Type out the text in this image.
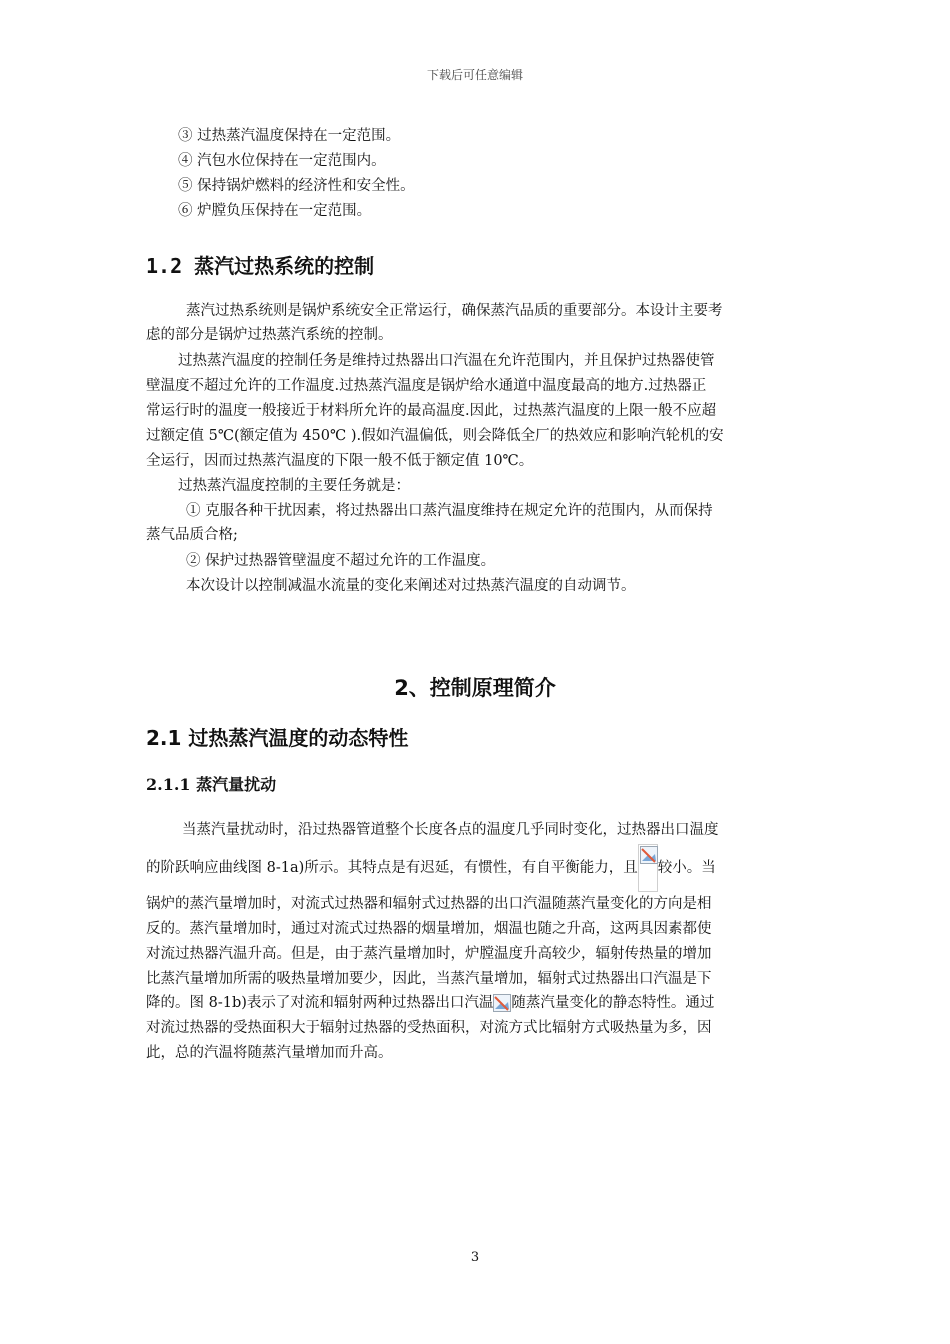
下载后可任意编辑
③ 过热蒸汽温度保持在一定范围。
④ 汽包水位保持在一定范围内。
⑤ 保持锅炉燃料的经济性和安全性。
⑥ 炉膛负压保持在一定范围。
1.2 蒸汽过热系统的控制
蒸汽过热系统则是锅炉系统安全正常运行，确保蒸汽品质的重要部分。本设计主要考
虑的部分是锅炉过热蒸汽系统的控制。
过热蒸汽温度的控制任务是维持过热器出口汽温在允许范围内，并且保护过热器使管
壁温度不超过允许的工作温度.过热蒸汽温度是锅炉给水通道中温度最高的地方.过热器正
常运行时的温度一般接近于材料所允许的最高温度.因此，过热蒸汽温度的上限一般不应超
过额定值 5℃(额定值为 450℃ ).假如汽温偏低，则会降低全厂的热效应和影响汽轮机的安
全运行，因而过热蒸汽温度的下限一般不低于额定值 10℃。
过热蒸汽温度控制的主要任务就是：
① 克服各种干扰因素，将过热器出口蒸汽温度维持在规定允许的范围内，从而保持
蒸气品质合格;
② 保护过热器管壁温度不超过允许的工作温度。
本次设计以控制减温水流量的变化来阐述对过热蒸汽温度的自动调节。
2、控制原理简介
2.1 过热蒸汽温度的动态特性
2.1.1 蒸汽量扰动
当蒸汽量扰动时，沿过热器管道整个长度各点的温度几乎同时变化，过热器出口温度
的阶跃响应曲线图 8-1a)所示。其特点是有迟延，有惯性，有自平衡能力，且 较小。当
锅炉的蒸汽量增加时，对流式过热器和辐射式过热器的出口汽温随蒸汽量变化的方向是相
反的。蒸汽量增加时，通过对流式过热器的烟量增加，烟温也随之升高，这两具因素都使
对流过热器汽温升高。但是，由于蒸汽量增加时，炉膛温度升高较少，辐射传热量的增加
比蒸汽量增加所需的吸热量增加要少，因此，当蒸汽量增加，辐射式过热器出口汽温是下
降的。图 8-1b)表示了对流和辐射两种过热器出口汽温 随蒸汽量变化的静态特性。通过
对流过热器的受热面积大于辐射过热器的受热面积，对流方式比辐射方式吸热量为多，因
此，总的汽温将随蒸汽量增加而升高。
3
